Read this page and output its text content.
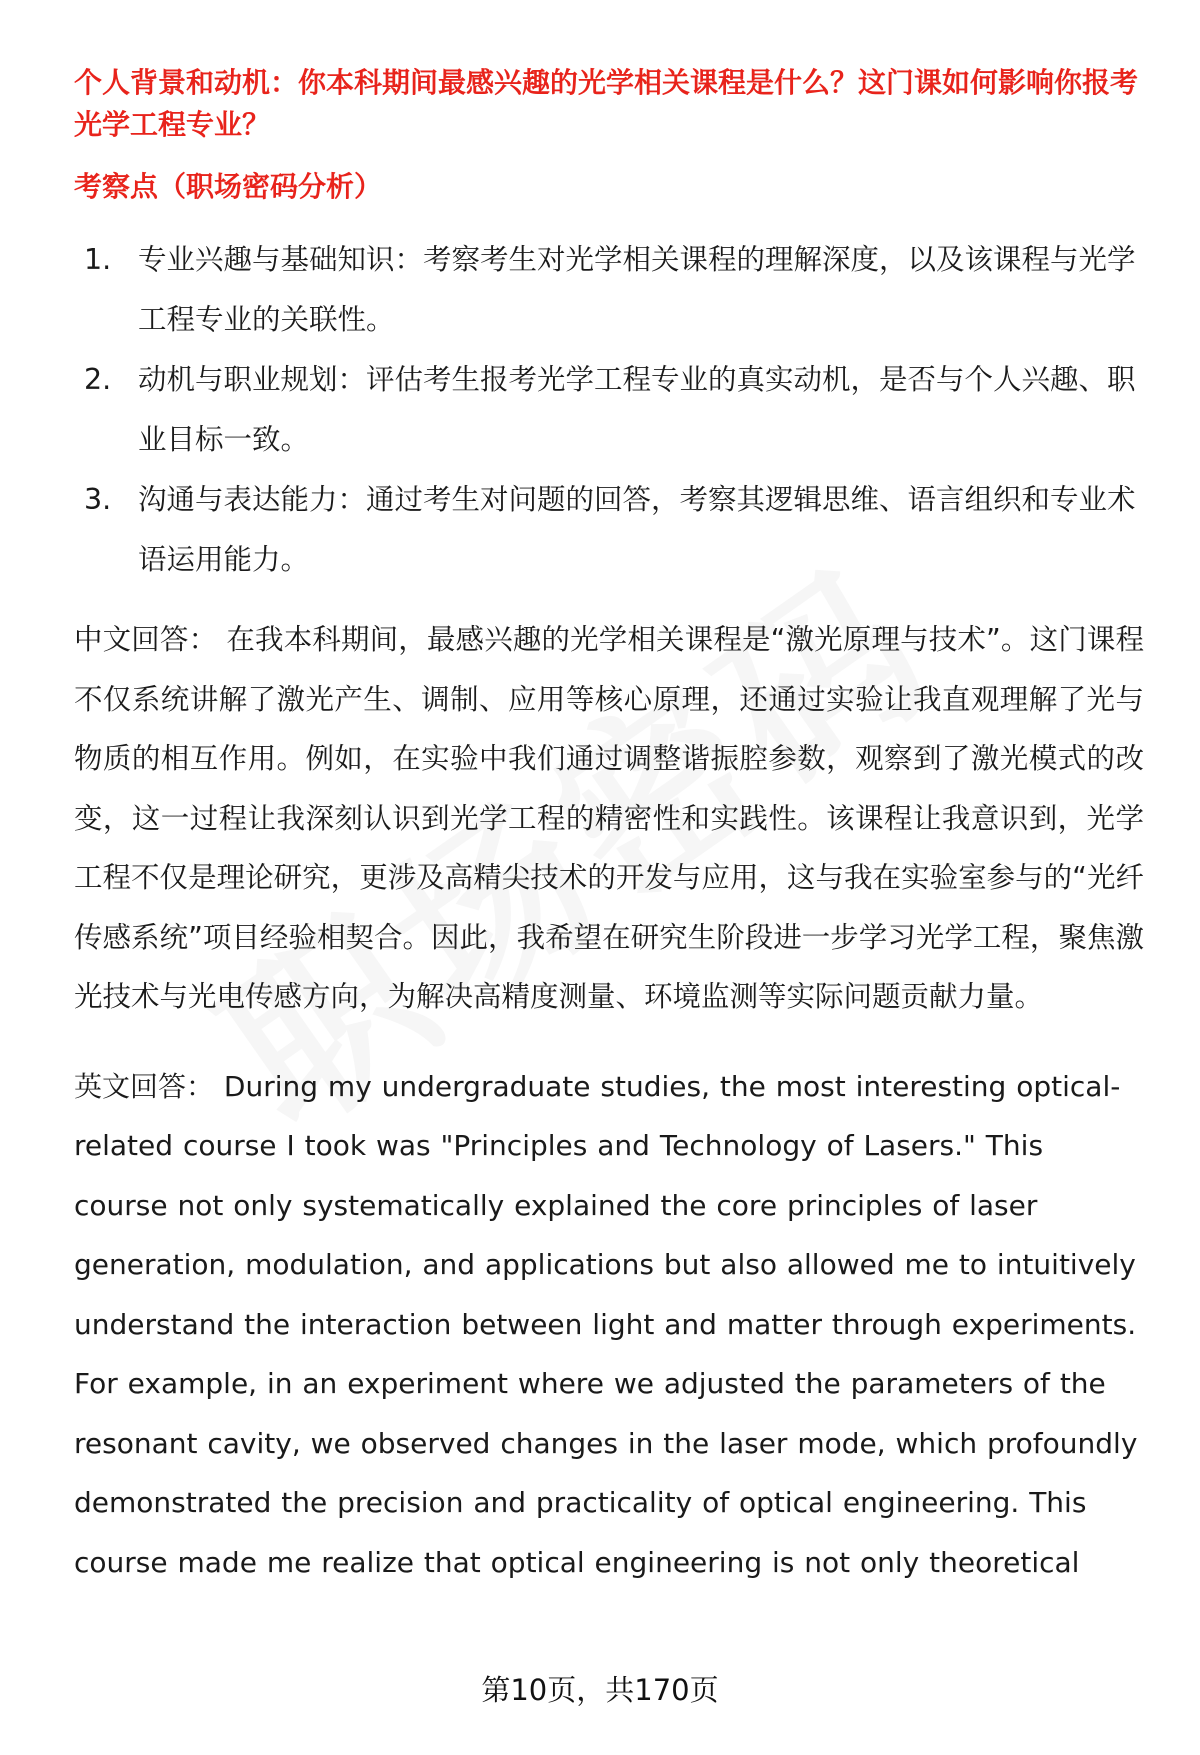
个人背景和动机：你本科期间最感兴趣的光学相关课程是什么？这门课如何影响你报考光学工程专业？
考察点（职场密码分析）
1. 专业兴趣与基础知识：考察考生对光学相关课程的理解深度，以及该课程与光学工程专业的关联性。
2. 动机与职业规划：评估考生报考光学工程专业的真实动机，是否与个人兴趣、职业目标一致。
3. 沟通与表达能力：通过考生对问题的回答，考察其逻辑思维、语言组织和专业术语运用能力。

中文回答： 在我本科期间，最感兴趣的光学相关课程是“激光原理与技术”。这门课程不仅系统讲解了激光产生、调制、应用等核心原理，还通过实验让我直观理解了光与物质的相互作用。例如，在实验中我们通过调整谐振腔参数，观察到了激光模式的改变，这一过程让我深刻认识到光学工程的精密性和实践性。该课程让我意识到，光学工程不仅是理论研究，更涉及高精尖技术的开发与应用，这与我在实验室参与的“光纤传感系统”项目经验相契合。因此，我希望在研究生阶段进一步学习光学工程，聚焦激光技术与光电传感方向，为解决高精度测量、环境监测等实际问题贡献力量。

英文回答： During my undergraduate studies, the most interesting optical-related course I took was "Principles and Technology of Lasers." This course not only systematically explained the core principles of laser generation, modulation, and applications but also allowed me to intuitively understand the interaction between light and matter through experiments. For example, in an experiment where we adjusted the parameters of the resonant cavity, we observed changes in the laser mode, which profoundly demonstrated the precision and practicality of optical engineering. This course made me realize that optical engineering is not only theoretical

第10页，共170页
